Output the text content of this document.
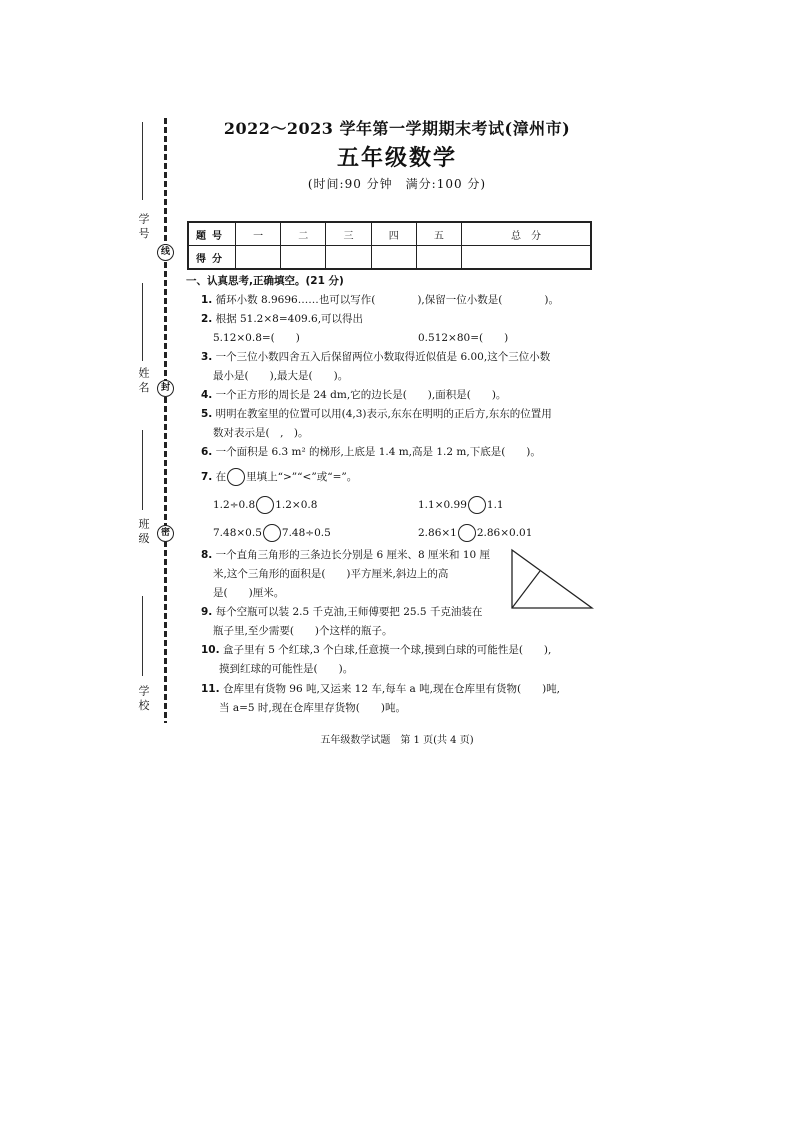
学 号
姓 名
班 级
学 校
线
封
密
2022～2023 学年第一学期期末考试(漳州市)
五年级数学
(时间:90 分钟　满分:100 分)
题号	一	二	三	四	五	总　分
得分						
一、认真思考,正确填空。(21 分)
1. 循环小数 8.9696……也可以写作(　　　　),保留一位小数是(　　　　)。
2. 根据 51.2×8=409.6,可以得出
5.12×0.8=(　　)	0.512×80=(　　)
3. 一个三位小数四舍五入后保留两位小数取得近似值是 6.00,这个三位小数
最小是(　　),最大是(　　)。
4. 一个正方形的周长是 24 dm,它的边长是(　　),面积是(　　)。
5. 明明在教室里的位置可以用(4,3)表示,东东在明明的正后方,东东的位置用
数对表示是(　,　)。
6. 一个面积是 6.3 m² 的梯形,上底是 1.4 m,高是 1.2 m,下底是(　　)。
7. 在 里填上“>”“<”或“=”。
1.2÷0.8 1.2×0.8	1.1×0.99 1.1
7.48×0.5 7.48÷0.5	2.86×1 2.86×0.01
8. 一个直角三角形的三条边长分别是 6 厘米、8 厘米和 10 厘
米,这个三角形的面积是(　　)平方厘米,斜边上的高
是(　　)厘米。
9. 每个空瓶可以装 2.5 千克油,王师傅要把 25.5 千克油装在
瓶子里,至少需要(　　)个这样的瓶子。
10. 盒子里有 5 个红球,3 个白球,任意摸一个球,摸到白球的可能性是(　　),
摸到红球的可能性是(　　)。
11. 仓库里有货物 96 吨,又运来 12 车,每车 a 吨,现在仓库里有货物(　　)吨,
当 a=5 时,现在仓库里存货物(　　)吨。
五年级数学试题　第 1 页(共 4 页)
